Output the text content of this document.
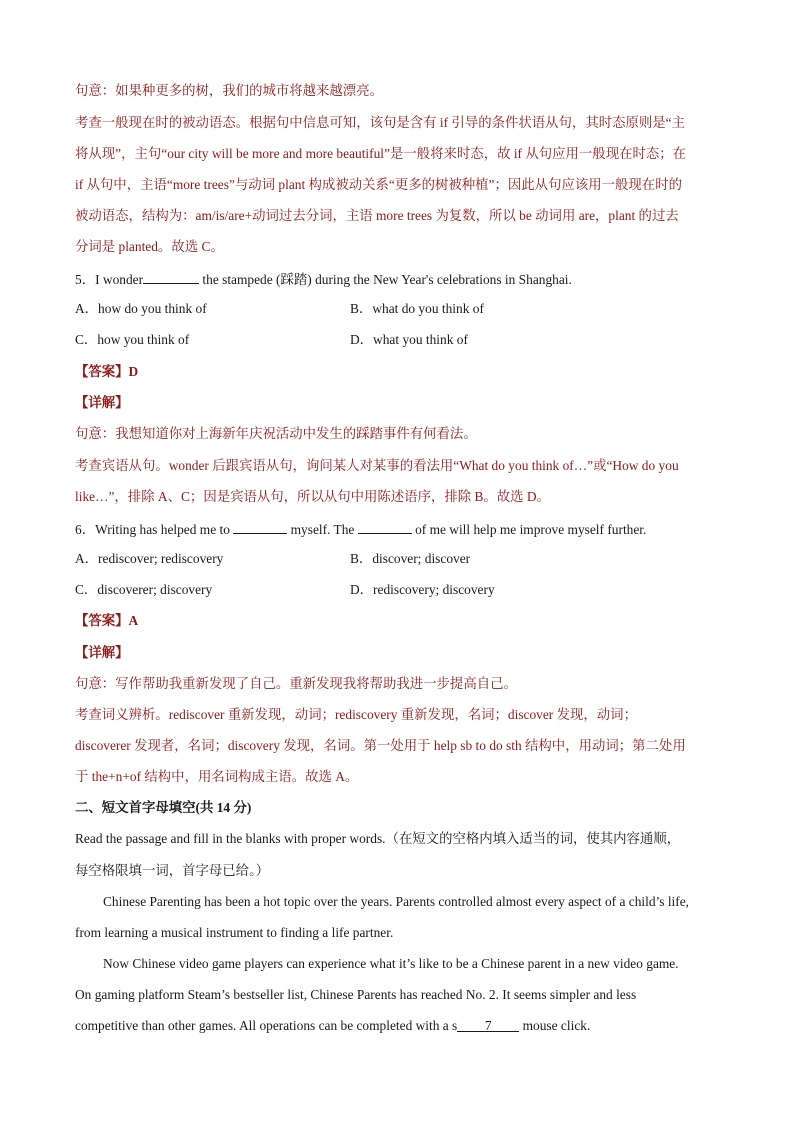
句意：如果种更多的树，我们的城市将越来越漂亮。
考查一般现在时的被动语态。根据句中信息可知，该句是含有 if 引导的条件状语从句，其时态原则是“主
将从现”，主句“our city will be more and more beautiful”是一般将来时态，故 if 从句应用一般现在时态；在
if 从句中，主语“more trees”与动词 plant 构成被动关系“更多的树被种植”；因此从句应该用一般现在时的
被动语态，结构为：am/is/are+动词过去分词，主语 more trees 为复数，所以 be 动词用 are，plant 的过去
分词是 planted。故选 C。
5．I wonder	the stampede (踩踏) during the New Year's celebrations in Shanghai.
A．how do you think of	B．what do you think of
C．how you think of	D．what you think of
【答案】D
【详解】
句意：我想知道你对上海新年庆祝活动中发生的踩踏事件有何看法。
考查宾语从句。wonder 后跟宾语从句，询问某人对某事的看法用“What do you think of…”或“How do you
like…”，排除 A、C；因是宾语从句，所以从句中用陈述语序，排除 B。故选 D。
6．Writing has helped me to	myself. The	of me will help me improve myself further.
A．rediscover; rediscovery	B．discover; discover
C．discoverer; discovery	D．rediscovery; discovery
【答案】A
【详解】
句意：写作帮助我重新发现了自己。重新发现我将帮助我进一步提高自己。
考查词义辨析。rediscover 重新发现，动词；rediscovery 重新发现，名词；discover 发现，动词；
discoverer 发现者，名词；discovery 发现，名词。第一处用于 help sb to do sth 结构中，用动词；第二处用
于 the+n+of 结构中，用名词构成主语。故选 A。
二、短文首字母填空(共 14 分)
Read the passage and fill in the blanks with proper words.（在短文的空格内填入适当的词，使其内容通顺，
每空格限填一词，首字母已给。）
Chinese Parenting has been a hot topic over the years. Parents controlled almost every aspect of a child’s life,
from learning a musical instrument to finding a life partner.
Now Chinese video game players can experience what it’s like to be a Chinese parent in a new video game.
On gaming platform Steam’s bestseller list, Chinese Parents has reached No. 2. It seems simpler and less
competitive than other games. All operations can be completed with a s 7 mouse click.
